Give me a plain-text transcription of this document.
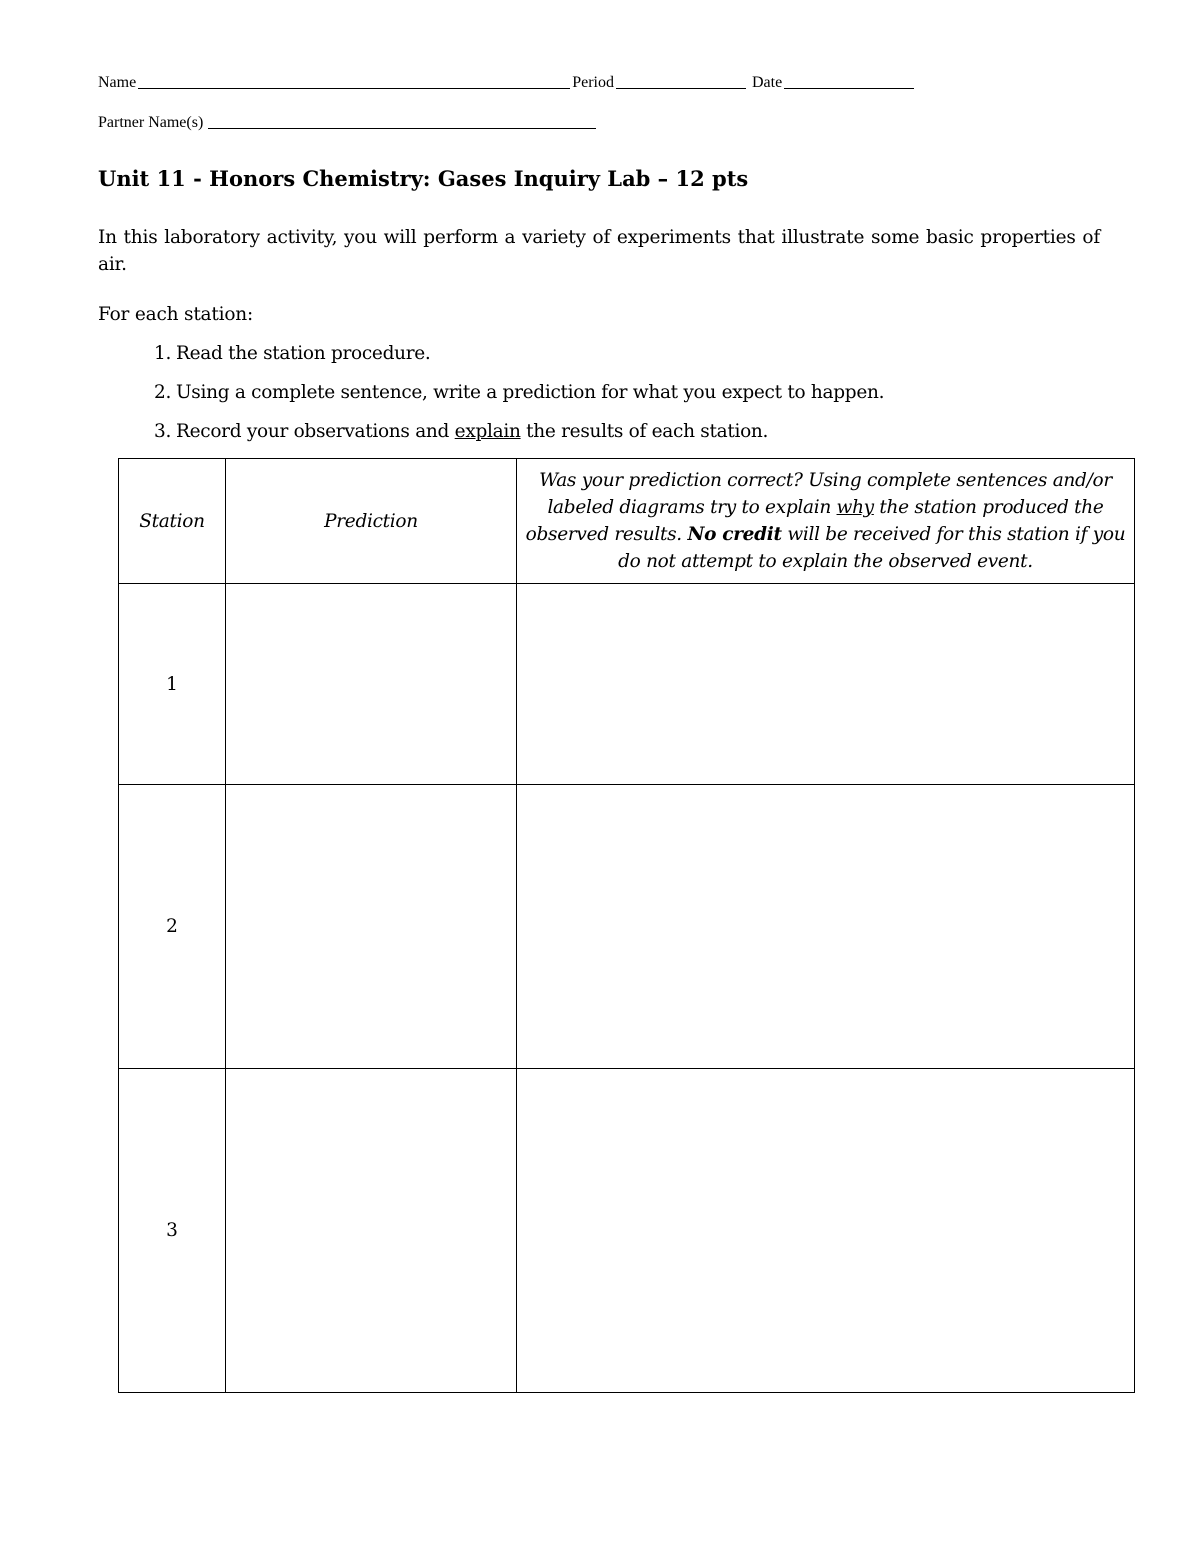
Name	Period	Date
Partner Name(s)
Unit 11 - Honors Chemistry: Gases Inquiry Lab – 12 pts
In this laboratory activity, you will perform a variety of experiments that illustrate some basic properties of air.
For each station:
1. Read the station procedure.
2. Using a complete sentence, write a prediction for what you expect to happen.
3. Record your observations and explain the results of each station.
Station	Prediction	Was your prediction correct? Using complete sentences and/or labeled diagrams try to explain why the station produced the observed results. No credit will be received for this station if you do not attempt to explain the observed event.
1		
2		
3		
